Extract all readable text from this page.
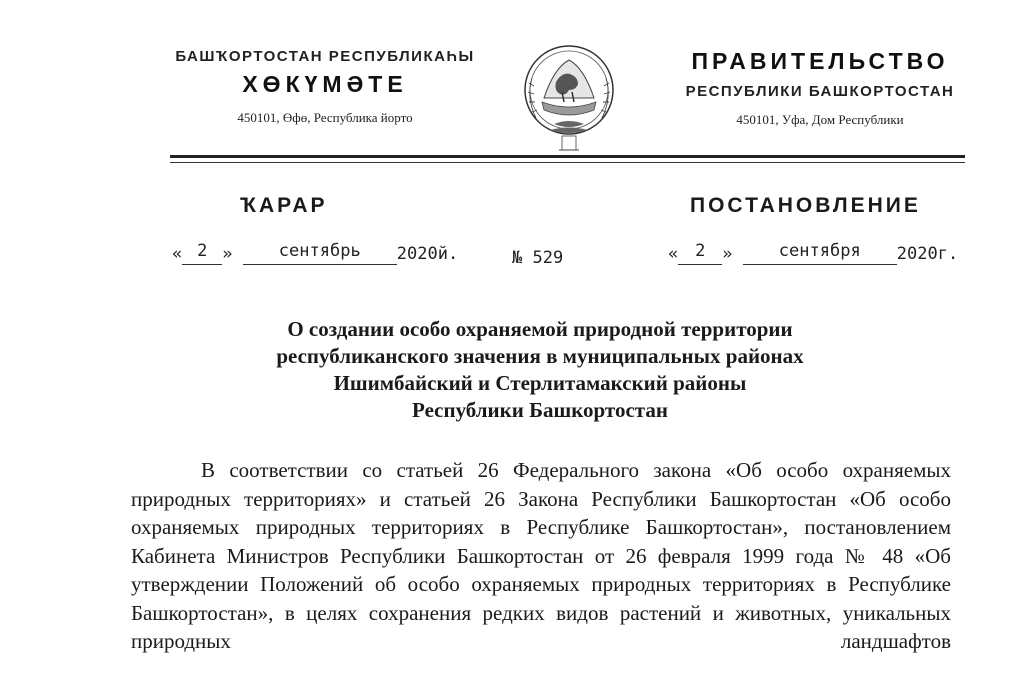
БАШҠОРТОСТАН РЕСПУБЛИКАҺЫ
ХӨКҮМӘТЕ
450101, Өфө, Республика йорто
ПРАВИТЕЛЬСТВО
РЕСПУБЛИКИ БАШКОРТОСТАН
450101, Уфа, Дом Республики
ҠАРАР	ПОСТАНОВЛЕНИЕ
« 2 »	сентябрь 2020й.	№ 529	« 2 »	сентября 2020г.
О создании особо охраняемой природной территории
республиканского значения в муниципальных районах
Ишимбайский и Стерлитамакский районы
Республики Башкортостан

В соответствии со статьей 26 Федерального закона «Об особо охраняемых природных территориях» и статьей 26 Закона Республики Башкортостан «Об особо охраняемых природных территориях в Республике Башкортостан», постановлением Кабинета Министров Республики Башкортостан от 26 февраля 1999 года № 48 «Об утверждении Положений об особо охраняемых природных территориях в Республике Башкортостан», в целях сохранения редких видов растений и животных, уникальных природных ландшафтов
